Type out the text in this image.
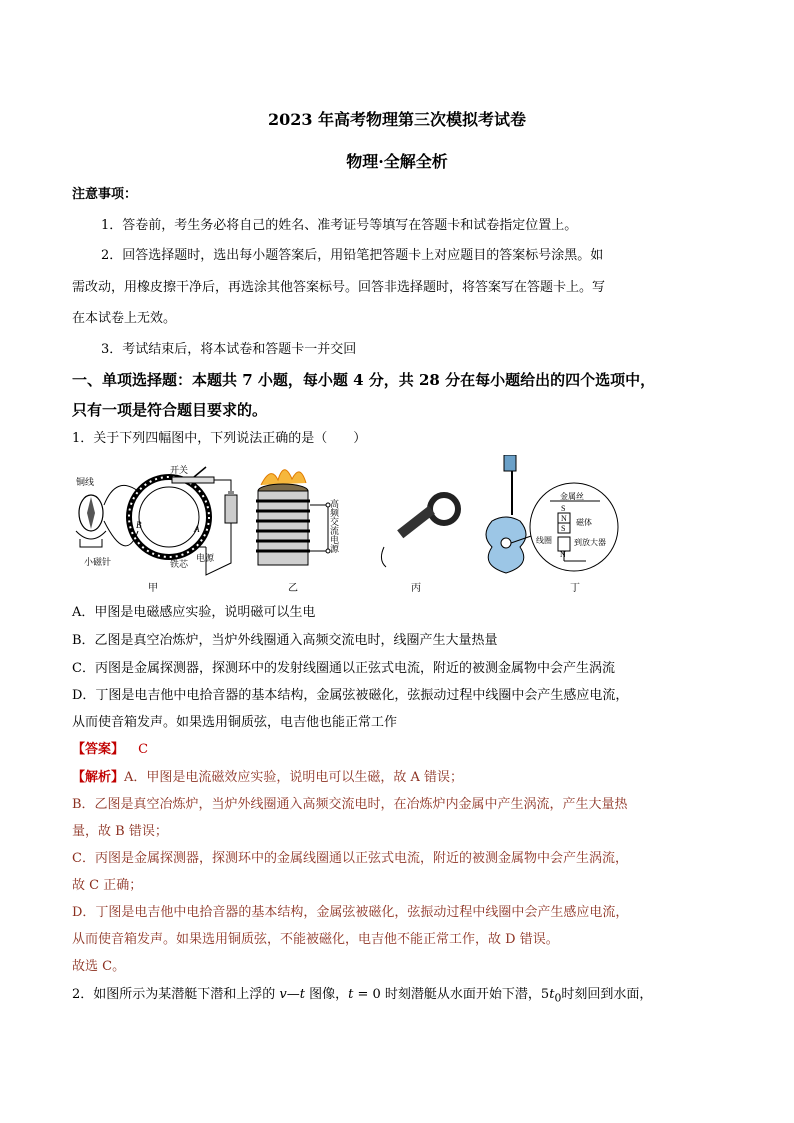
2023 年高考物理第三次模拟考试卷
物理·全解全析
注意事项：
1．答卷前，考生务必将自己的姓名、准考证号等填写在答题卡和试卷指定位置上。
2．回答选择题时，选出每小题答案后，用铅笔把答题卡上对应题目的答案标号涂黑。如
需改动，用橡皮擦干净后，再选涂其他答案标号。回答非选择题时，将答案写在答题卡上。写
在本试卷上无效。
3．考试结束后，将本试卷和答题卡一并交回
一、单项选择题：本题共 7 小题，每小题 4 分，共 28 分在每小题给出的四个选项中，
只有一项是符合题目要求的。
1．关于下列四幅图中，下列说法正确的是（　　）
开关
铜线
小磁针
B	A
铁芯
电源
甲
高频交流电源
乙	丙
金属丝
S
N
S
磁体
线圈	到放大器
N
丁
A．甲图是电磁感应实验，说明磁可以生电
B．乙图是真空冶炼炉，当炉外线圈通入高频交流电时，线圈产生大量热量
C．丙图是金属探测器，探测环中的发射线圈通以正弦式电流，附近的被测金属物中会产生涡流
D．丁图是电吉他中电拾音器的基本结构，金属弦被磁化，弦振动过程中线圈中会产生感应电流，
从而使音箱发声。如果选用铜质弦，电吉他也能正常工作
【答案】 C
【解析】A．甲图是电流磁效应实验，说明电可以生磁，故 A 错误；
B．乙图是真空冶炼炉，当炉外线圈通入高频交流电时，在冶炼炉内金属中产生涡流，产生大量热
量，故 B 错误；
C．丙图是金属探测器，探测环中的金属线圈通以正弦式电流，附近的被测金属物中会产生涡流，
故 C 正确；
D．丁图是电吉他中电拾音器的基本结构，金属弦被磁化，弦振动过程中线圈中会产生感应电流，
从而使音箱发声。如果选用铜质弦，不能被磁化，电吉他不能正常工作，故 D 错误。
故选 C。
2．如图所示为某潜艇下潜和上浮的 v—t 图像，t = 0 时刻潜艇从水面开始下潜，$5t_0$时刻回到水面，
